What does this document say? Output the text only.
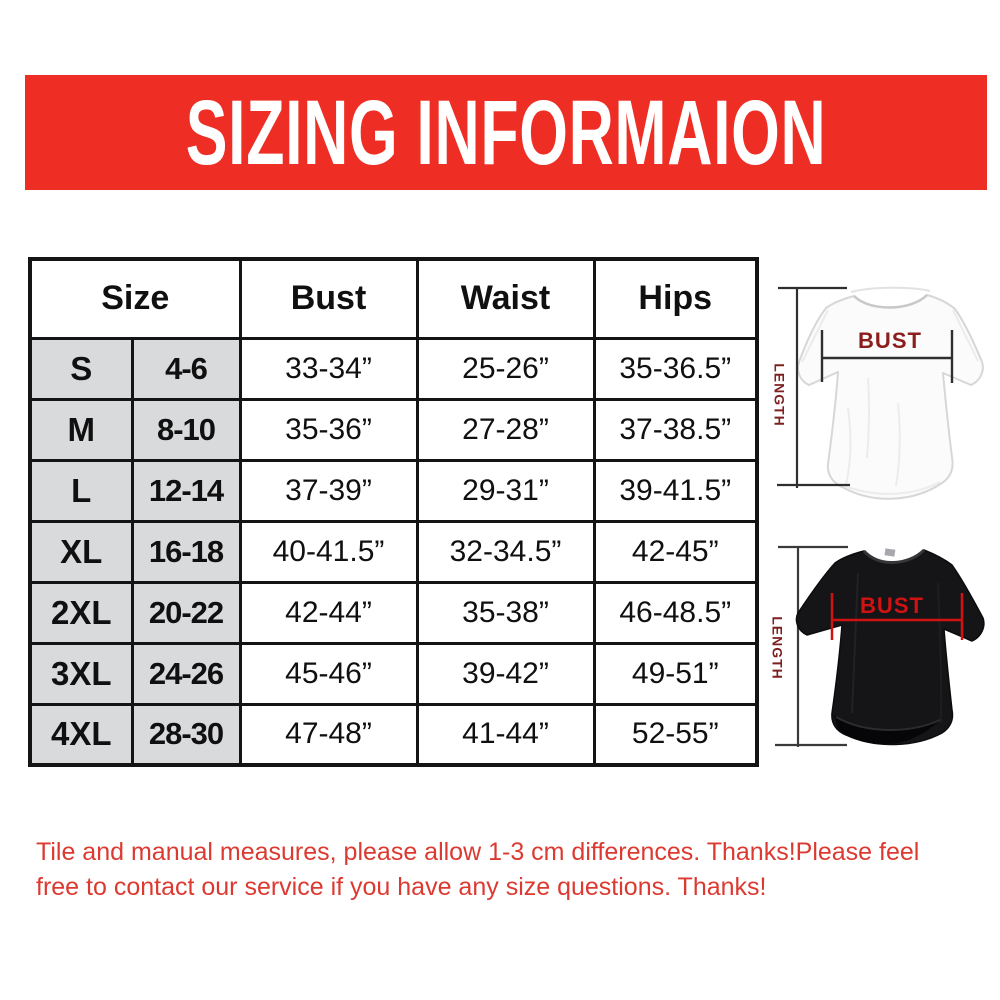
SIZING INFORMAION
Size		Bust	Waist	Hips
S	4-6	33-34”	25-26”	35-36.5”
M	8-10	35-36”	27-28”	37-38.5”
L	12-14	37-39”	29-31”	39-41.5”
XL	16-18	40-41.5”	32-34.5”	42-45”
2XL	20-22	42-44”	35-38”	46-48.5”
3XL	24-26	45-46”	39-42”	49-51”
4XL	28-30	47-48”	41-44”	52-55”
LENGTH
BUST
LENGTH
BUST
Tile and manual measures, please allow 1-3 cm differences. Thanks!Please feel
free to contact our service if you have any size questions. Thanks!
